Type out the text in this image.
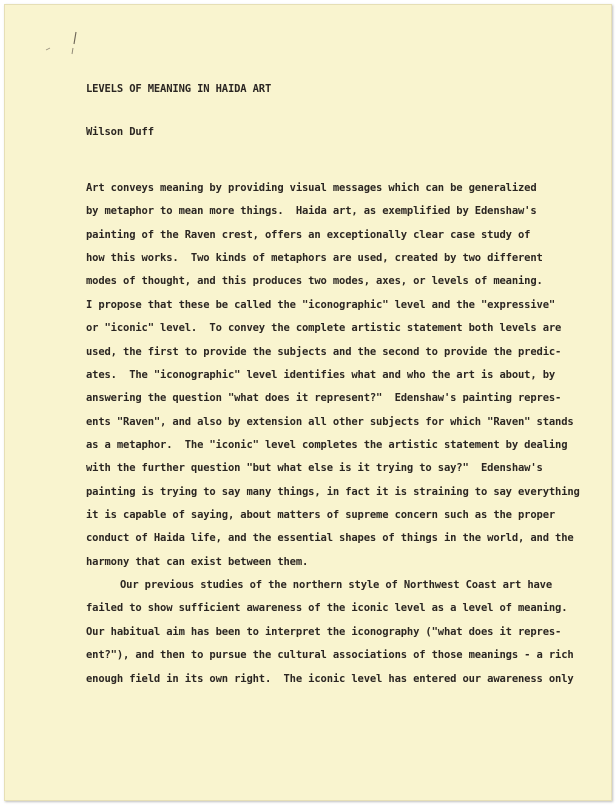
LEVELS OF MEANING IN HAIDA ART

Wilson Duff

Art conveys meaning by providing visual messages which can be generalized
by metaphor to mean more things.  Haida art, as exemplified by Edenshaw's
painting of the Raven crest, offers an exceptionally clear case study of
how this works.  Two kinds of metaphors are used, created by two different
modes of thought, and this produces two modes, axes, or levels of meaning.
I propose that these be called the "iconographic" level and the "expressive"
or "iconic" level.  To convey the complete artistic statement both levels are
used, the first to provide the subjects and the second to provide the predic-
ates.  The "iconographic" level identifies what and who the art is about, by
answering the question "what does it represent?"  Edenshaw's painting repres-
ents "Raven", and also by extension all other subjects for which "Raven" stands
as a metaphor.  The "iconic" level completes the artistic statement by dealing
with the further question "but what else is it trying to say?"  Edenshaw's
painting is trying to say many things, in fact it is straining to say everything
it is capable of saying, about matters of supreme concern such as the proper
conduct of Haida life, and the essential shapes of things in the world, and the
harmony that can exist between them.
Our previous studies of the northern style of Northwest Coast art have
failed to show sufficient awareness of the iconic level as a level of meaning.
Our habitual aim has been to interpret the iconography ("what does it repres-
ent?"), and then to pursue the cultural associations of those meanings - a rich
enough field in its own right.  The iconic level has entered our awareness only
